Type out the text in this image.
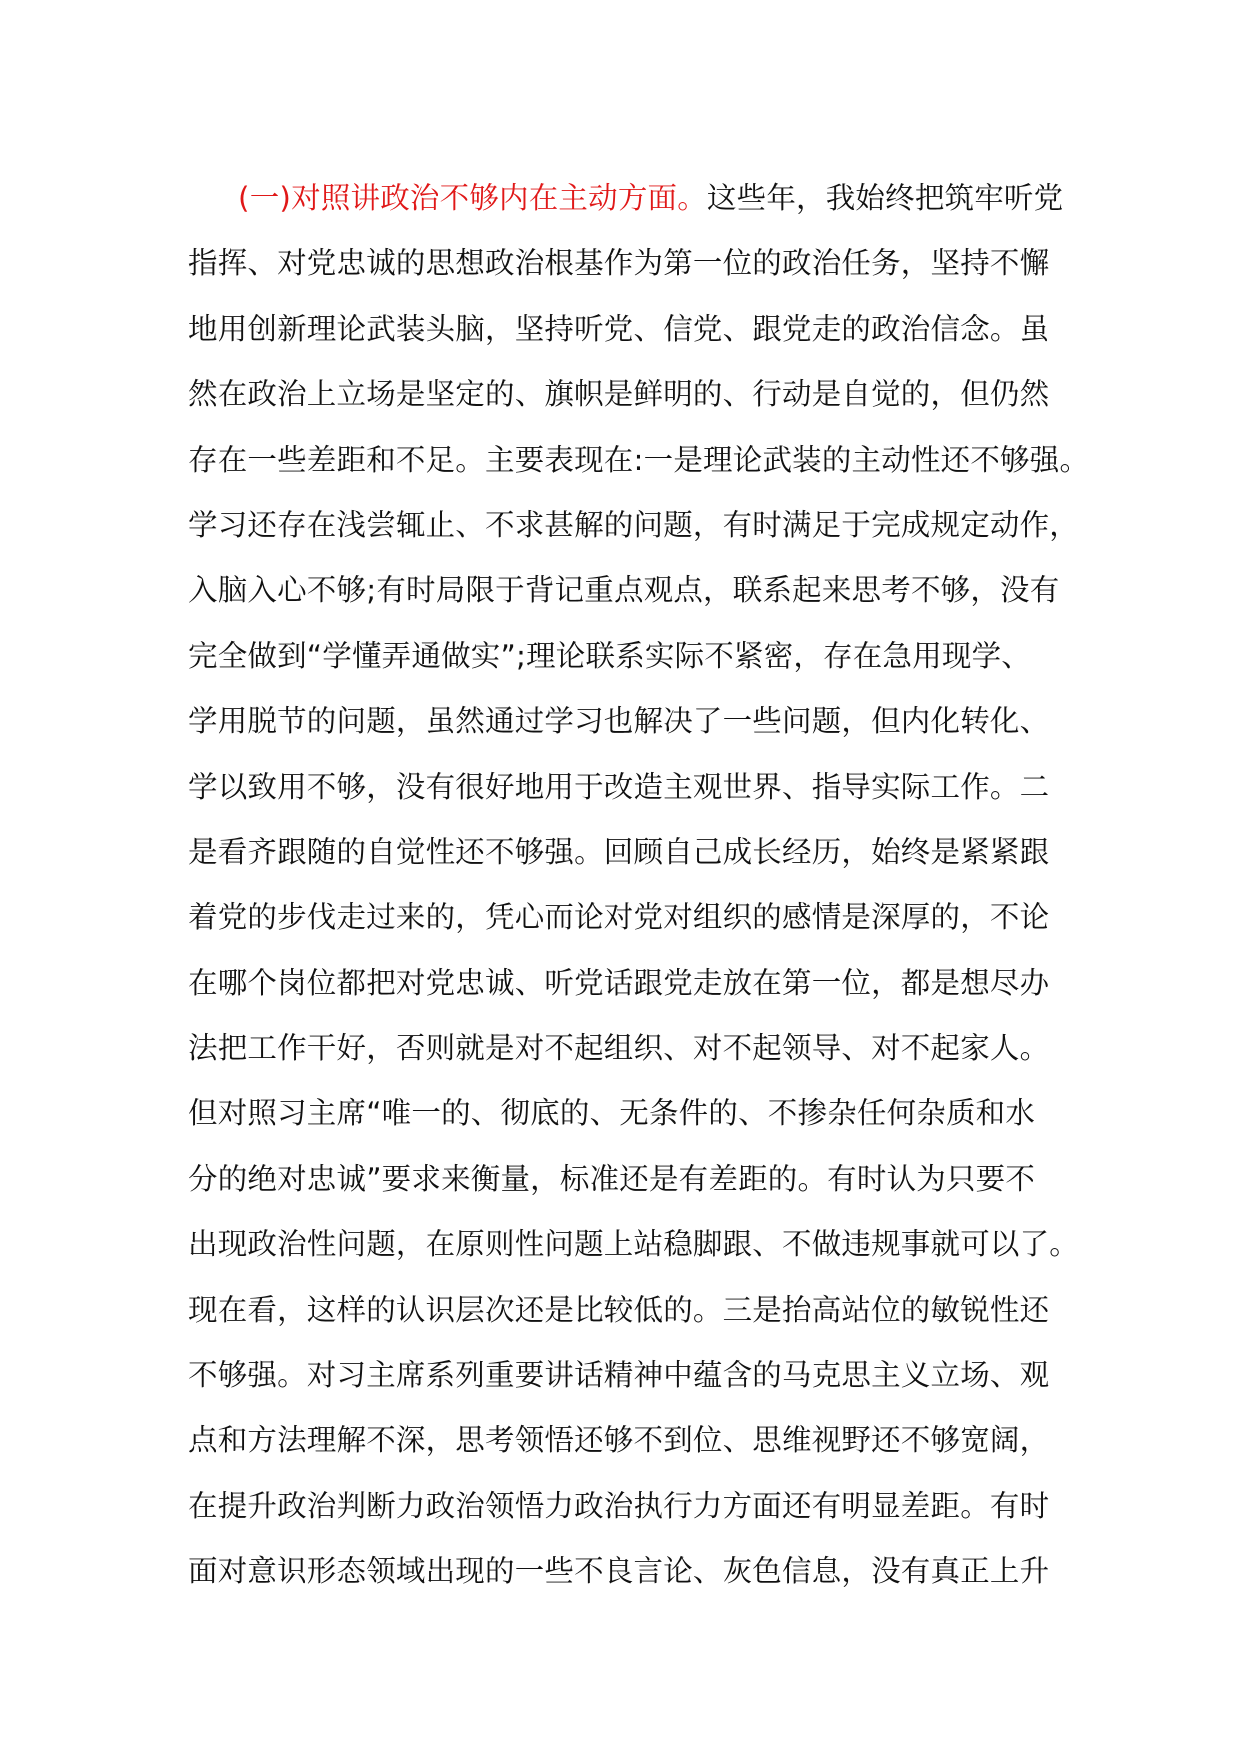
(一)对照讲政治不够内在主动方面。这些年，我始终把筑牢听党
指挥、对党忠诚的思想政治根基作为第一位的政治任务，坚持不懈
地用创新理论武装头脑，坚持听党、信党、跟党走的政治信念。虽
然在政治上立场是坚定的、旗帜是鲜明的、行动是自觉的，但仍然
存在一些差距和不足。主要表现在:一是理论武装的主动性还不够强。
学习还存在浅尝辄止、不求甚解的问题，有时满足于完成规定动作，
入脑入心不够;有时局限于背记重点观点，联系起来思考不够，没有
完全做到“学懂弄通做实”;理论联系实际不紧密，存在急用现学、
学用脱节的问题，虽然通过学习也解决了一些问题，但内化转化、
学以致用不够，没有很好地用于改造主观世界、指导实际工作。二
是看齐跟随的自觉性还不够强。回顾自己成长经历，始终是紧紧跟
着党的步伐走过来的，凭心而论对党对组织的感情是深厚的，不论
在哪个岗位都把对党忠诚、听党话跟党走放在第一位，都是想尽办
法把工作干好，否则就是对不起组织、对不起领导、对不起家人。
但对照习主席“唯一的、彻底的、无条件的、不掺杂任何杂质和水
分的绝对忠诚”要求来衡量，标准还是有差距的。有时认为只要不
出现政治性问题，在原则性问题上站稳脚跟、不做违规事就可以了。
现在看，这样的认识层次还是比较低的。三是抬高站位的敏锐性还
不够强。对习主席系列重要讲话精神中蕴含的马克思主义立场、观
点和方法理解不深，思考领悟还够不到位、思维视野还不够宽阔，
在提升政治判断力政治领悟力政治执行力方面还有明显差距。有时
面对意识形态领域出现的一些不良言论、灰色信息，没有真正上升
